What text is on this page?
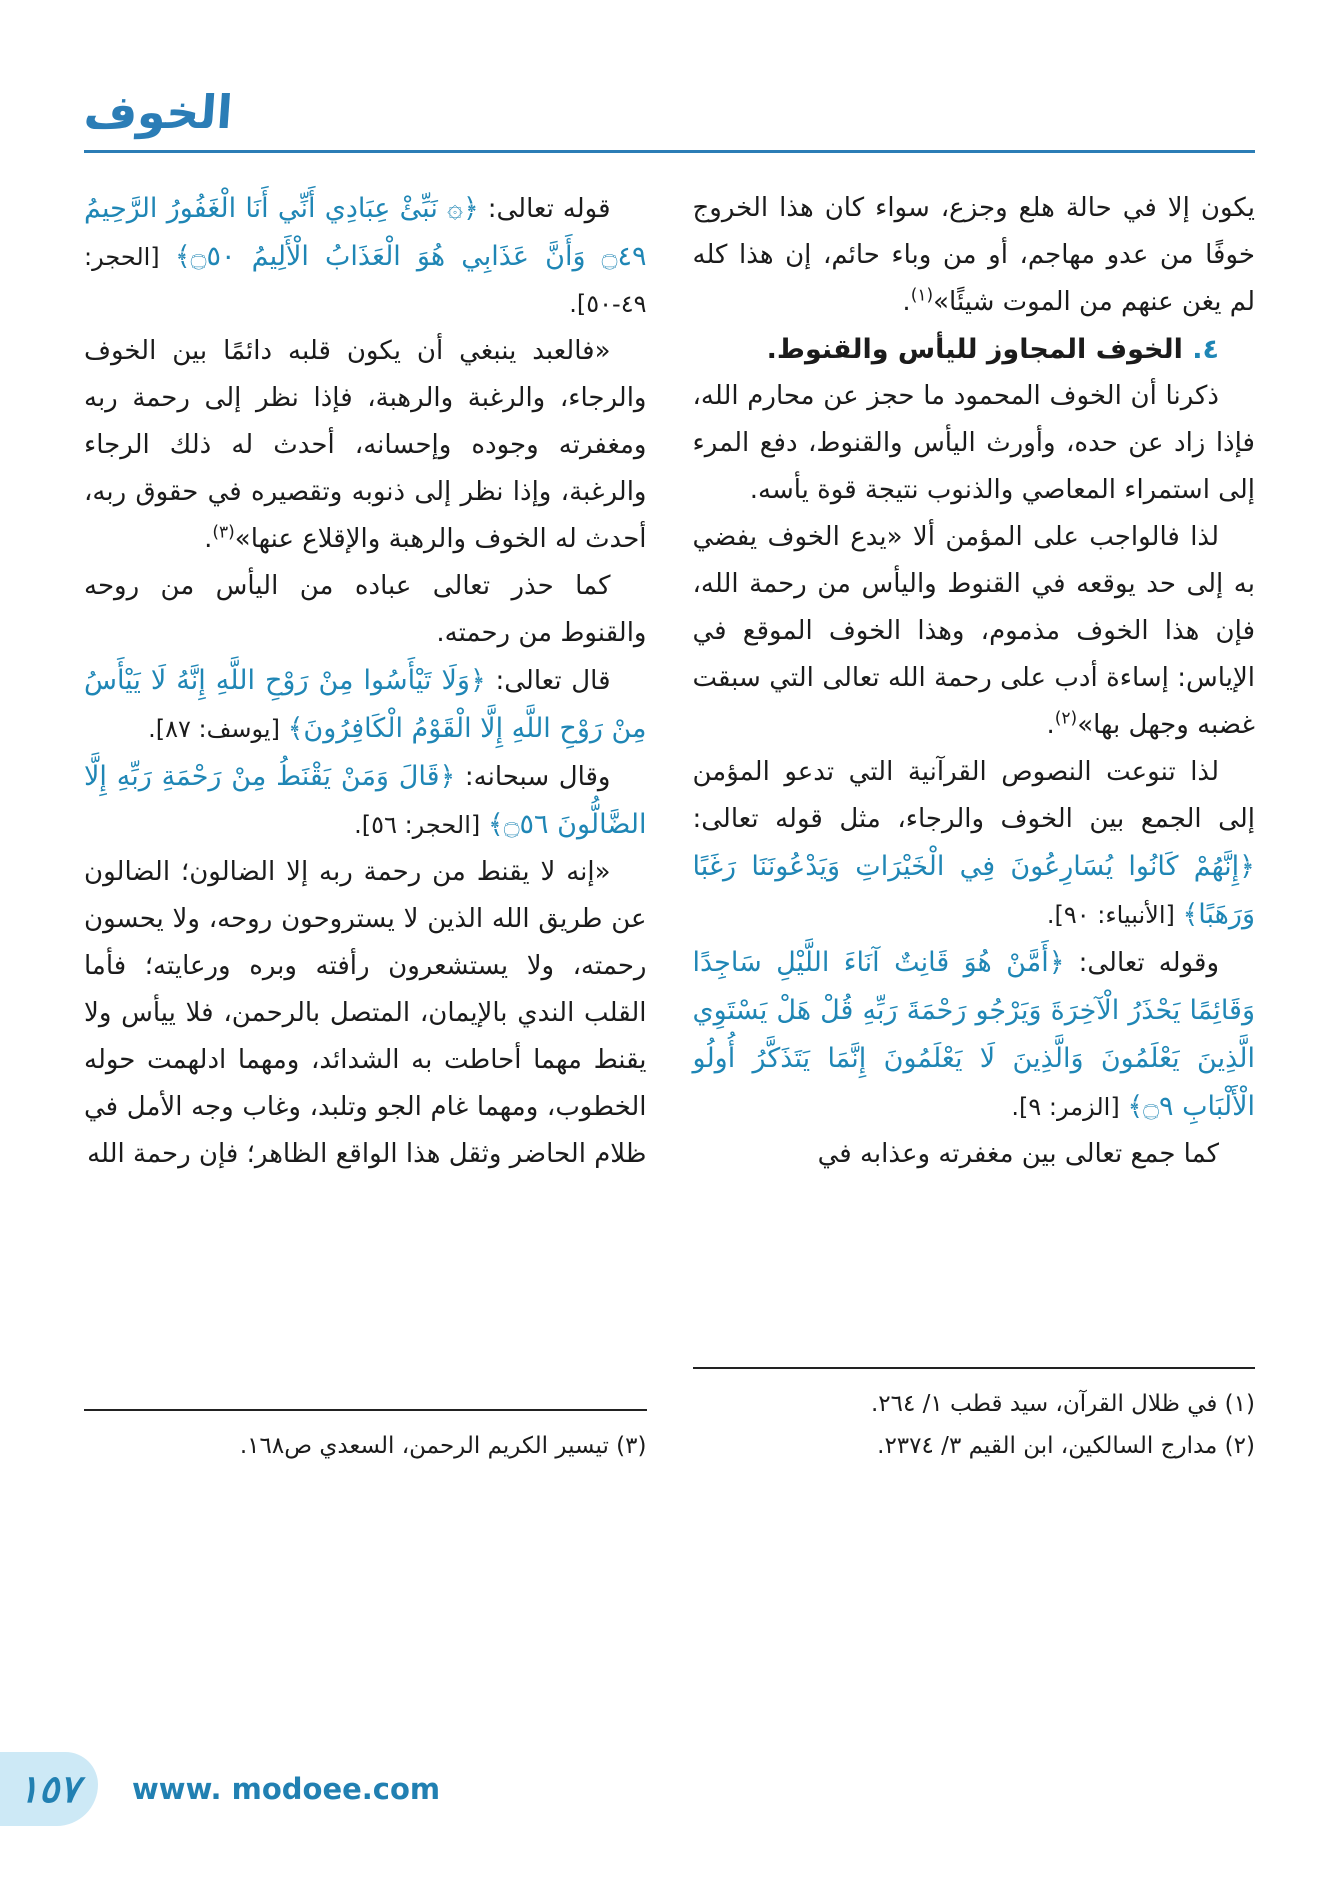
الخوف

يكون إلا في حالة هلع وجزع، سواء كان هذا الخروج خوفًا من عدو مهاجم، أو من وباء حائم، إن هذا كله لم يغن عنهم من الموت شيئًا»$^{(١)}$.

٤. الخوف المجاوز لليأس والقنوط.

ذكرنا أن الخوف المحمود ما حجز عن محارم الله، فإذا زاد عن حده، وأورث اليأس والقنوط، دفع المرء إلى استمراء المعاصي والذنوب نتيجة قوة يأسه.

لذا فالواجب على المؤمن ألا «يدع الخوف يفضي به إلى حد يوقعه في القنوط واليأس من رحمة الله، فإن هذا الخوف مذموم، وهذا الخوف الموقع في الإياس: إساءة أدب على رحمة الله تعالى التي سبقت غضبه وجهل بها»$^{(٢)}$.

لذا تنوعت النصوص القرآنية التي تدعو المؤمن إلى الجمع بين الخوف والرجاء، مثل قوله تعالى: ﴿إِنَّهُمْ كَانُوا يُسَارِعُونَ فِي الْخَيْرَاتِ وَيَدْعُونَنَا رَغَبًا وَرَهَبًا﴾ [الأنبياء: ٩٠].

وقوله تعالى: ﴿أَمَّنْ هُوَ قَانِتٌ آنَاءَ اللَّيْلِ سَاجِدًا وَقَائِمًا يَحْذَرُ الْآخِرَةَ وَيَرْجُو رَحْمَةَ رَبِّهِ قُلْ هَلْ يَسْتَوِي الَّذِينَ يَعْلَمُونَ وَالَّذِينَ لَا يَعْلَمُونَ إِنَّمَا يَتَذَكَّرُ أُولُو الْأَلْبَابِ ۝٩﴾ [الزمر: ٩].

كما جمع تعالى بين مغفرته وعذابه في

(١) في ظلال القرآن، سيد قطب ١/ ٢٦٤.

(٢) مدارج السالكين، ابن القيم ٣/ ٢٣٧٤.

قوله تعالى: ﴿۞ نَبِّئْ عِبَادِي أَنِّي أَنَا الْغَفُورُ الرَّحِيمُ ۝٤٩ وَأَنَّ عَذَابِي هُوَ الْعَذَابُ الْأَلِيمُ ۝٥٠﴾ [الحجر: ٤٩-٥٠].

«فالعبد ينبغي أن يكون قلبه دائمًا بين الخوف والرجاء، والرغبة والرهبة، فإذا نظر إلى رحمة ربه ومغفرته وجوده وإحسانه، أحدث له ذلك الرجاء والرغبة، وإذا نظر إلى ذنوبه وتقصيره في حقوق ربه، أحدث له الخوف والرهبة والإقلاع عنها»$^{(٣)}$.

كما حذر تعالى عباده من اليأس من روحه والقنوط من رحمته.

قال تعالى: ﴿وَلَا تَيْأَسُوا مِنْ رَوْحِ اللَّهِ إِنَّهُ لَا يَيْأَسُ مِنْ رَوْحِ اللَّهِ إِلَّا الْقَوْمُ الْكَافِرُونَ﴾ [يوسف: ٨٧].

وقال سبحانه: ﴿قَالَ وَمَنْ يَقْنَطُ مِنْ رَحْمَةِ رَبِّهِ إِلَّا الضَّالُّونَ ۝٥٦﴾ [الحجر: ٥٦].

«إنه لا يقنط من رحمة ربه إلا الضالون؛ الضالون عن طريق الله الذين لا يستروحون روحه، ولا يحسون رحمته، ولا يستشعرون رأفته وبره ورعايته؛ فأما القلب الندي بالإيمان، المتصل بالرحمن، فلا ييأس ولا يقنط مهما أحاطت به الشدائد، ومهما ادلهمت حوله الخطوب، ومهما غام الجو وتلبد، وغاب وجه الأمل في ظلام الحاضر وثقل هذا الواقع الظاهر؛ فإن رحمة الله

(٣) تيسير الكريم الرحمن، السعدي ص١٦٨.

١٥٧ www. modoee.com
